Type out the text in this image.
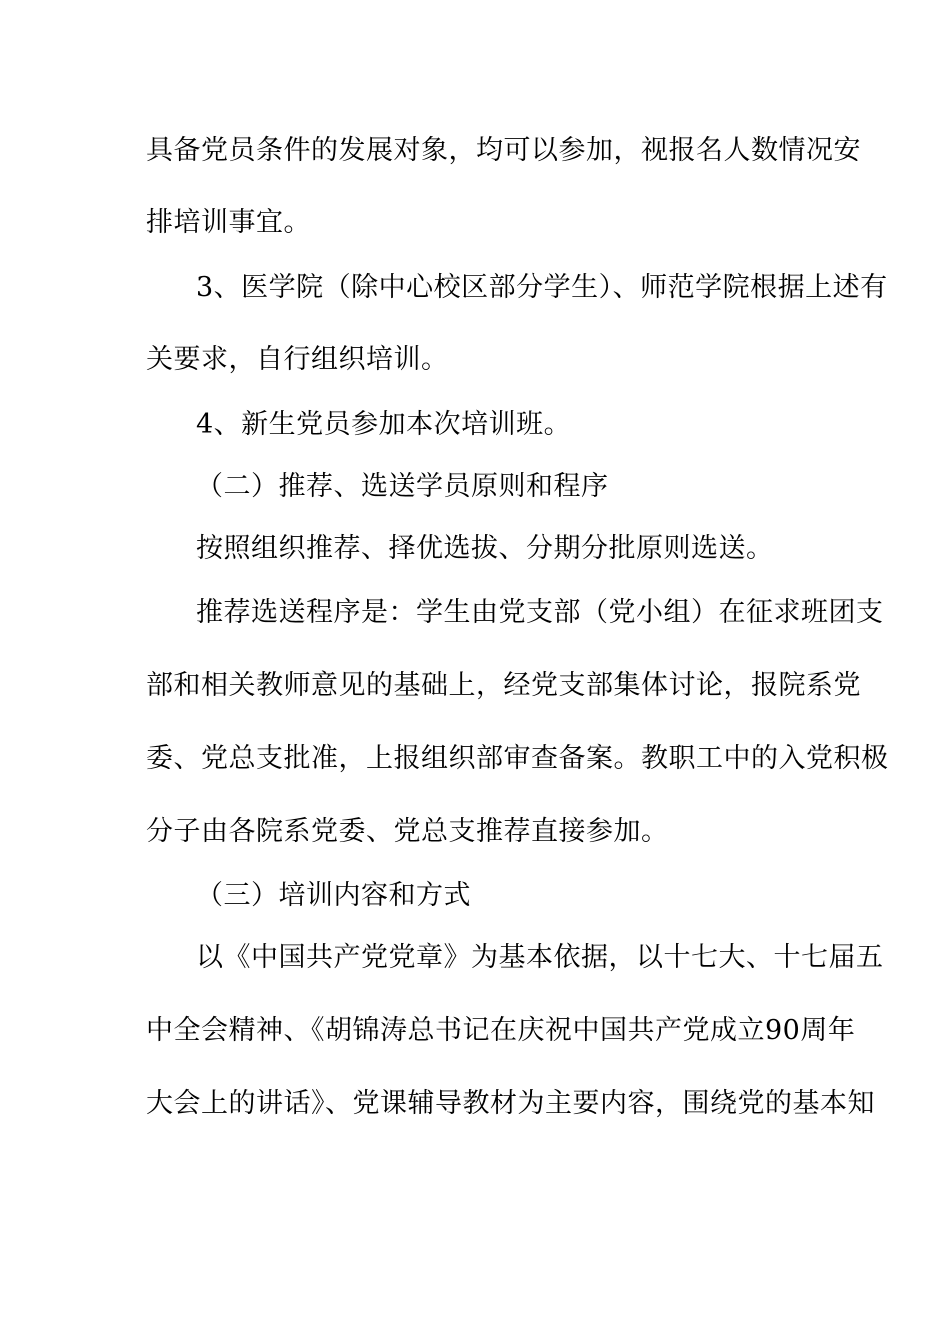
具备党员条件的发展对象，均可以参加，视报名人数情况安
排培训事宜。
3、医学院（除中心校区部分学生）、师范学院根据上述有
关要求，自行组织培训。
4、新生党员参加本次培训班。
（二）推荐、选送学员原则和程序
按照组织推荐、择优选拔、分期分批原则选送。
推荐选送程序是：学生由党支部（党小组）在征求班团支
部和相关教师意见的基础上，经党支部集体讨论，报院系党
委、党总支批准，上报组织部审查备案。教职工中的入党积极
分子由各院系党委、党总支推荐直接参加。
（三）培训内容和方式
以《中国共产党党章》为基本依据，以十七大、十七届五
中全会精神、《胡锦涛总书记在庆祝中国共产党成立90周年
大会上的讲话》、党课辅导教材为主要内容，围绕党的基本知
